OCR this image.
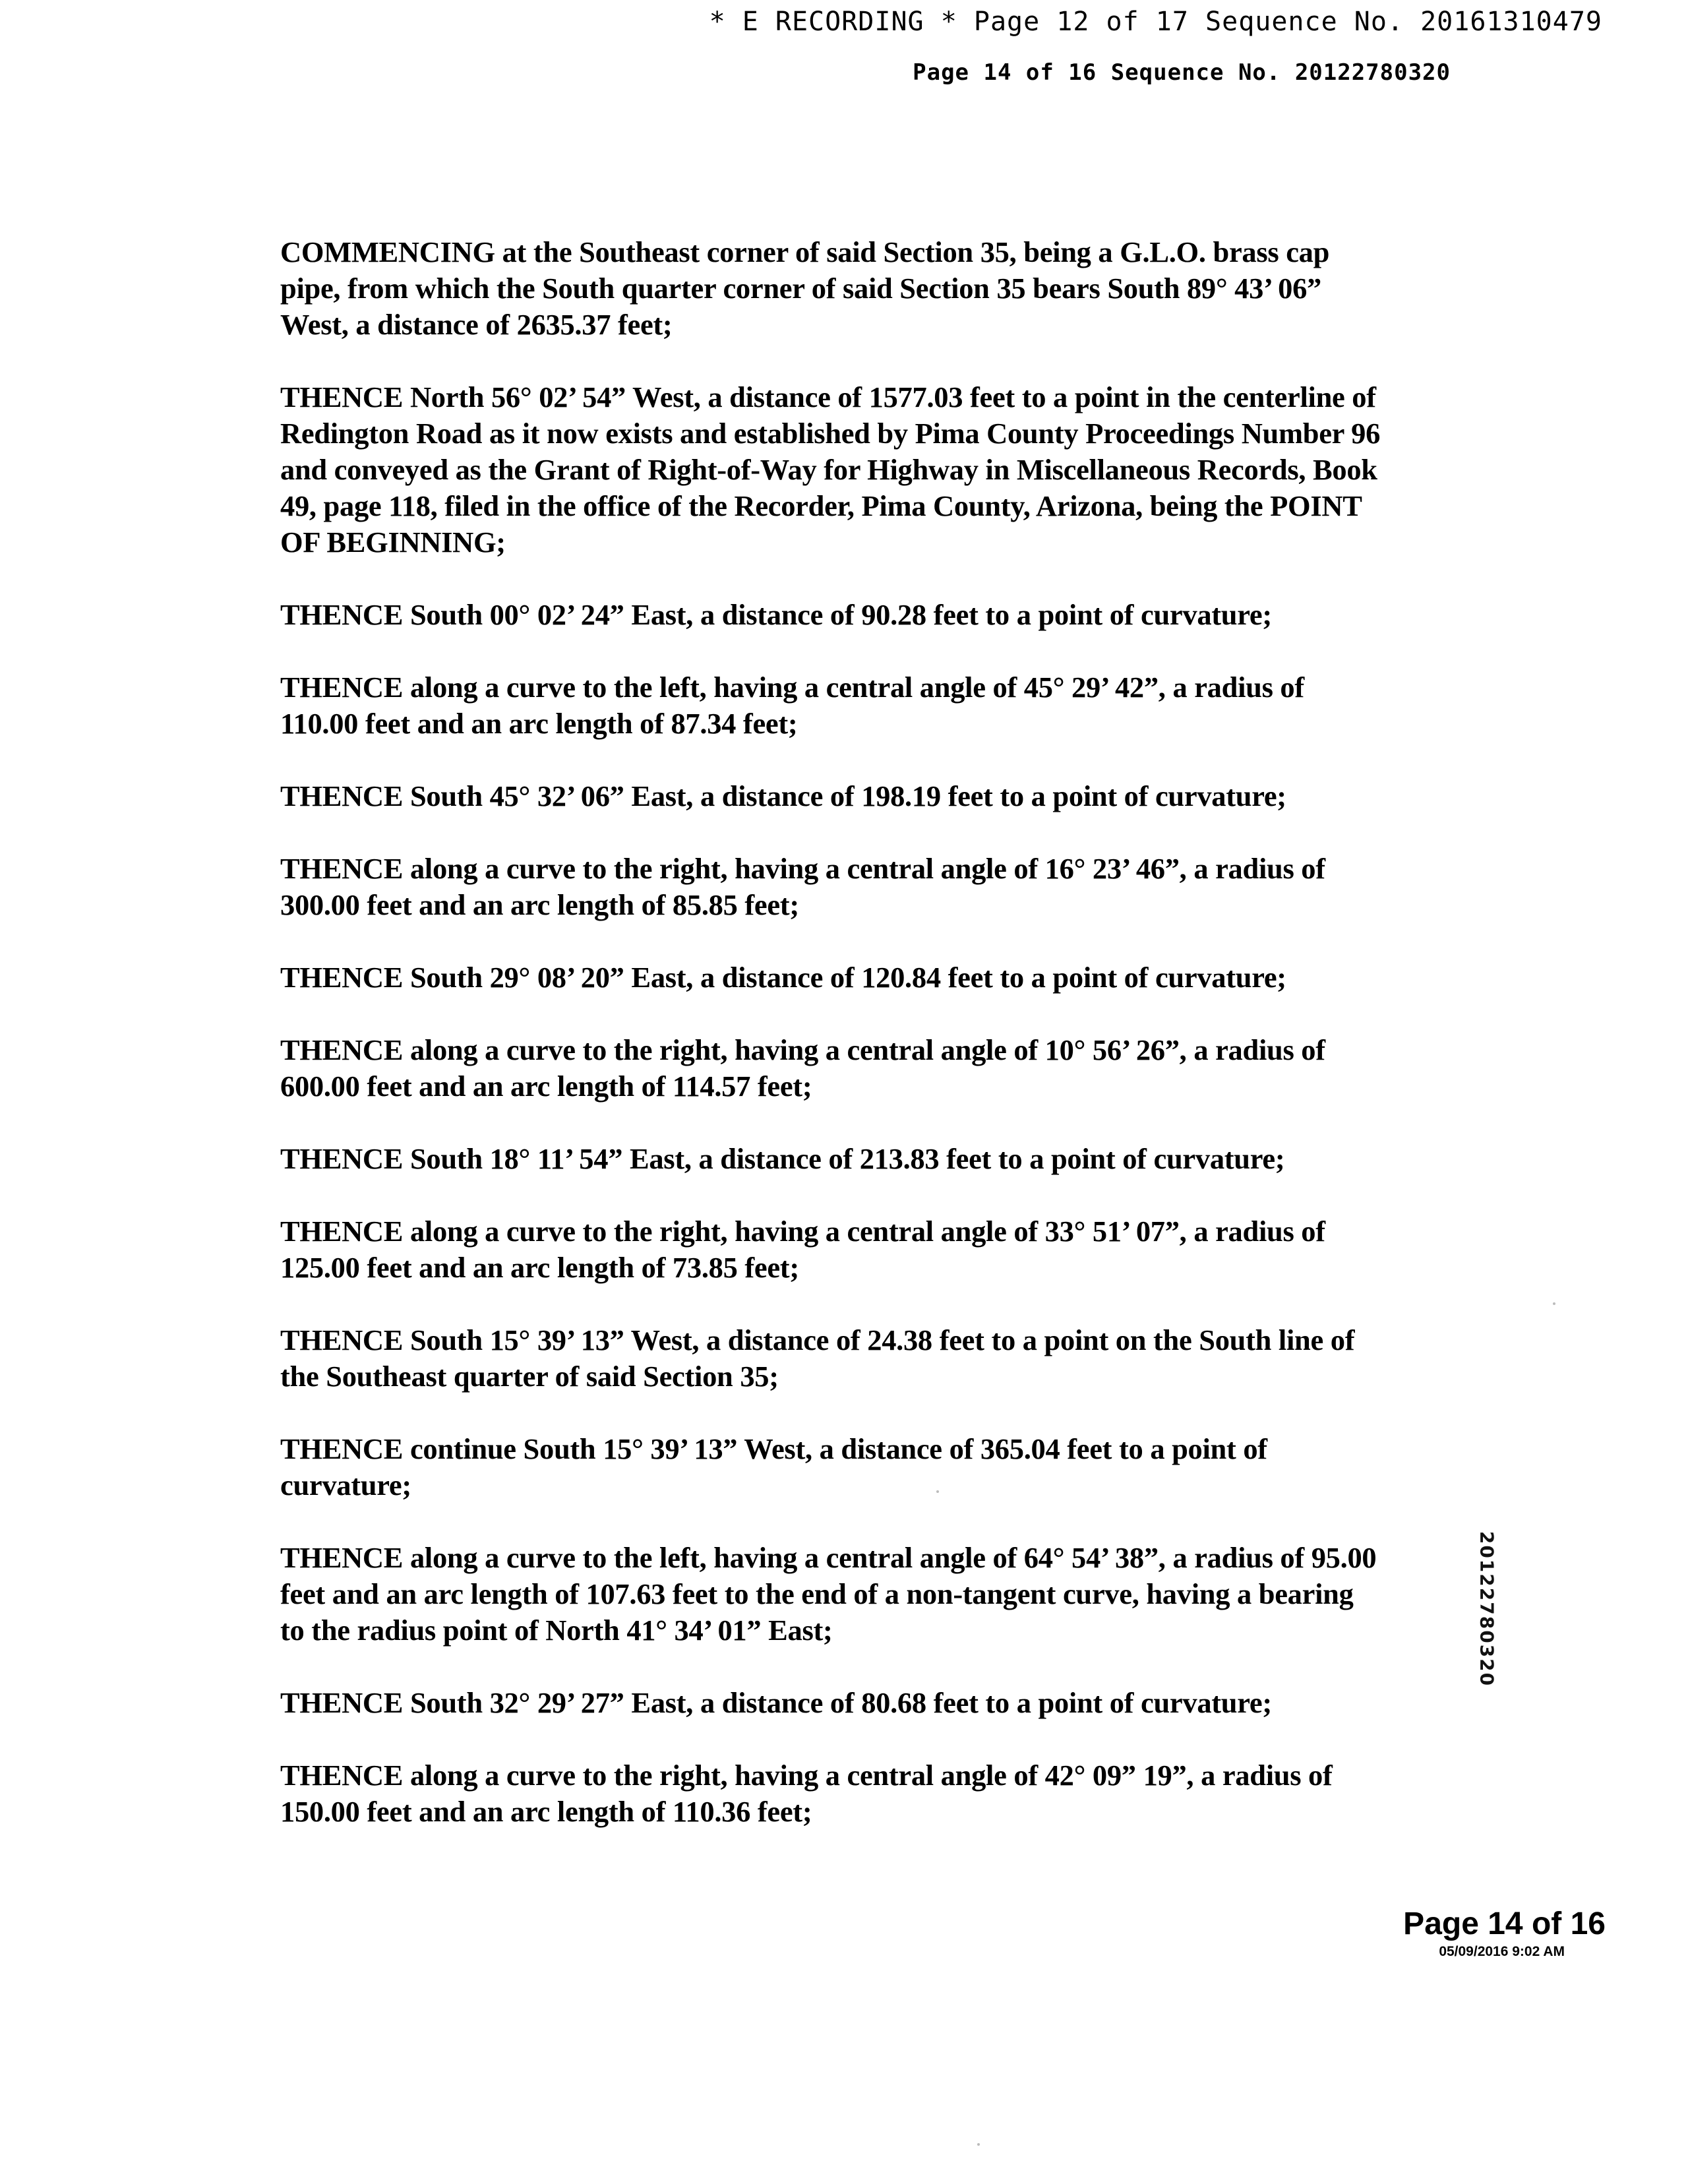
* E RECORDING * Page 12 of 17 Sequence No. 20161310479
Page 14 of 16 Sequence No. 20122780320

COMMENCING at the Southeast corner of said Section 35, being a G.L.O. brass cap pipe, from which the South quarter corner of said Section 35 bears South 89° 43’ 06” West, a distance of 2635.37 feet;

THENCE North 56° 02’ 54” West, a distance of 1577.03 feet to a point in the centerline of Redington Road as it now exists and established by Pima County Proceedings Number 96 and conveyed as the Grant of Right-of-Way for Highway in Miscellaneous Records, Book 49, page 118, filed in the office of the Recorder, Pima County, Arizona, being the POINT OF BEGINNING;

THENCE South 00° 02’ 24” East, a distance of 90.28 feet to a point of curvature;

THENCE along a curve to the left, having a central angle of 45° 29’ 42”, a radius of 110.00 feet and an arc length of 87.34 feet;

THENCE South 45° 32’ 06” East, a distance of 198.19 feet to a point of curvature;

THENCE along a curve to the right, having a central angle of 16° 23’ 46”, a radius of 300.00 feet and an arc length of 85.85 feet;

THENCE South 29° 08’ 20” East, a distance of 120.84 feet to a point of curvature;

THENCE along a curve to the right, having a central angle of 10° 56’ 26”, a radius of 600.00 feet and an arc length of 114.57 feet;

THENCE South 18° 11’ 54” East, a distance of 213.83 feet to a point of curvature;

THENCE along a curve to the right, having a central angle of 33° 51’ 07”, a radius of 125.00 feet and an arc length of 73.85 feet;

THENCE South 15° 39’ 13” West, a distance of 24.38 feet to a point on the South line of the Southeast quarter of said Section 35;

THENCE continue South 15° 39’ 13” West, a distance of 365.04 feet to a point of curvature;

THENCE along a curve to the left, having a central angle of 64° 54’ 38”, a radius of 95.00 feet and an arc length of 107.63 feet to the end of a non-tangent curve, having a bearing to the radius point of North 41° 34’ 01” East;

THENCE South 32° 29’ 27” East, a distance of 80.68 feet to a point of curvature;

THENCE along a curve to the right, having a central angle of 42° 09” 19”, a radius of 150.00 feet and an arc length of 110.36 feet;

20122780320
Page 14 of 16
05/09/2016 9:02 AM
